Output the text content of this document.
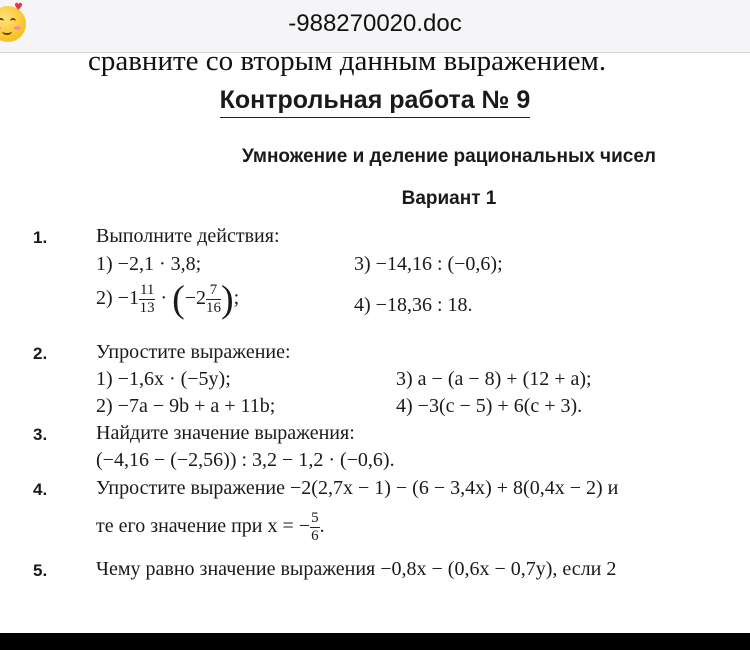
♥
-988270020.doc
сравните со вторым данным выражением.
Контрольная работа № 9
Умножение и деление рациональных чисел
Вариант 1
1. Выполните действия:
1) −2,1 · 3,8;	3) −14,16 : (−0,6);
$2) -1 \frac{11}{13} \cdot (-2 \frac{7}{16}$ );	4) −18,36 : 18.
2. Упростите выражение:
1) −1,6x · (−5y);	3) a − (a − 8) + (12 + a);
2) −7a − 9b + a + 11b;	4) −3(c − 5) + 6(c + 3).
3. Найдите значение выражения:
(−4,16 − (−2,56)) : 3,2 − 1,2 · (−0,6).
4. Упростите выражение −2(2,7x − 1) − (6 − 3,4x) + 8(0,4x − 2) и
те его значение при x = − $\frac{5}{6}$ .
5. Чему равно значение выражения −0,8x − (0,6x − 0,7y), если 2
